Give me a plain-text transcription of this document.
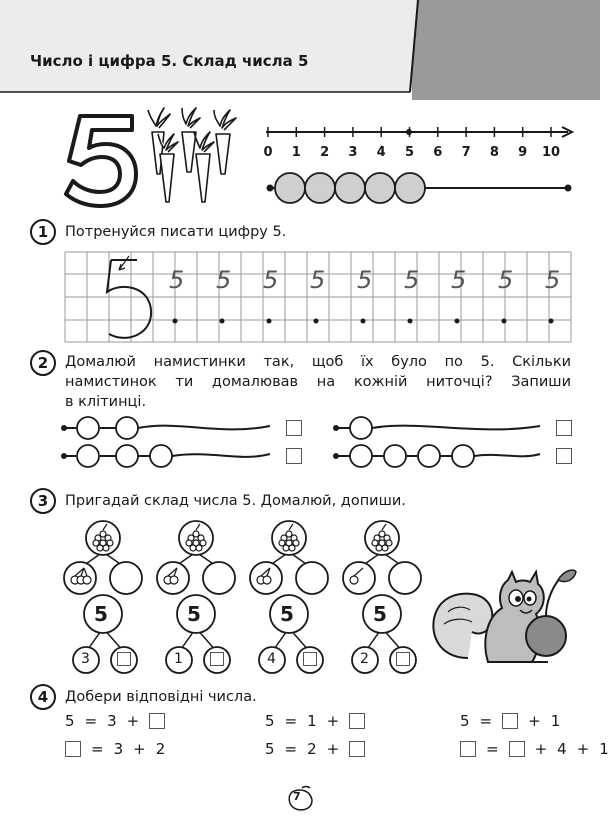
Число і цифра 5. Склад числа 5
0 1 2 3 4 5 6 7 8 9 10
1	Потренуйся писати цифру 5.
5 5 5 5 5 5 5 5 5
2	Домалюй намистинки так, щоб їх було по 5. Скільки
намистинок ти домалював на кожній ниточці? Запиши
в клітинці.
3	Пригадай склад числа 5. Домалюй, допиши.
5
3
5
1
5
4
5
2
4	Добери відповідні числа.
5 = 3 +
= 3 + 2
5 = 1 +
5 = 2 +
5 = + 1
= + 4 + 1
7
